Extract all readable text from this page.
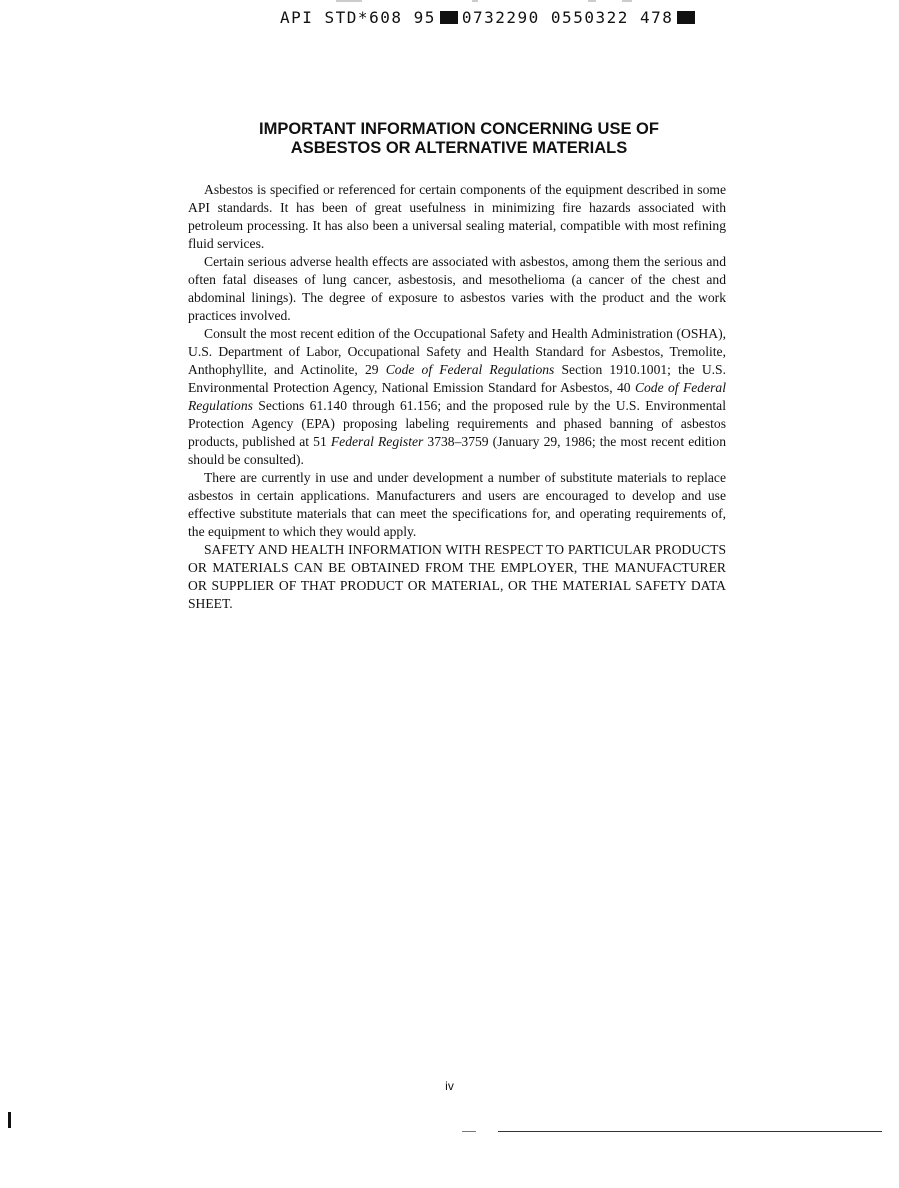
API STD*608 95 0732290 0550322 478
IMPORTANT INFORMATION CONCERNING USE OF
ASBESTOS OR ALTERNATIVE MATERIALS

Asbestos is specified or referenced for certain components of the equipment described in some API standards. It has been of great usefulness in minimizing fire hazards associated with petroleum processing. It has also been a universal sealing material, compatible with most refining fluid services.

Certain serious adverse health effects are associated with asbestos, among them the serious and often fatal diseases of lung cancer, asbestosis, and mesothelioma (a cancer of the chest and abdominal linings). The degree of exposure to asbestos varies with the product and the work practices involved.

Consult the most recent edition of the Occupational Safety and Health Administration (OSHA), U.S. Department of Labor, Occupational Safety and Health Standard for Asbestos, Tremolite, Anthophyllite, and Actinolite, 29 Code of Federal Regulations Section 1910.1001; the U.S. Environmental Protection Agency, National Emission Standard for Asbestos, 40 Code of Federal Regulations Sections 61.140 through 61.156; and the proposed rule by the U.S. Environmental Protection Agency (EPA) proposing labeling requirements and phased banning of asbestos products, published at 51 Federal Register 3738–3759 (January 29, 1986; the most recent edition should be consulted).

There are currently in use and under development a number of substitute materials to replace asbestos in certain applications. Manufacturers and users are encouraged to develop and use effective substitute materials that can meet the specifications for, and operating requirements of, the equipment to which they would apply.

SAFETY AND HEALTH INFORMATION WITH RESPECT TO PARTICULAR PRODUCTS OR MATERIALS CAN BE OBTAINED FROM THE EMPLOYER, THE MANUFACTURER OR SUPPLIER OF THAT PRODUCT OR MATERIAL, OR THE MATERIAL SAFETY DATA SHEET.

iv
